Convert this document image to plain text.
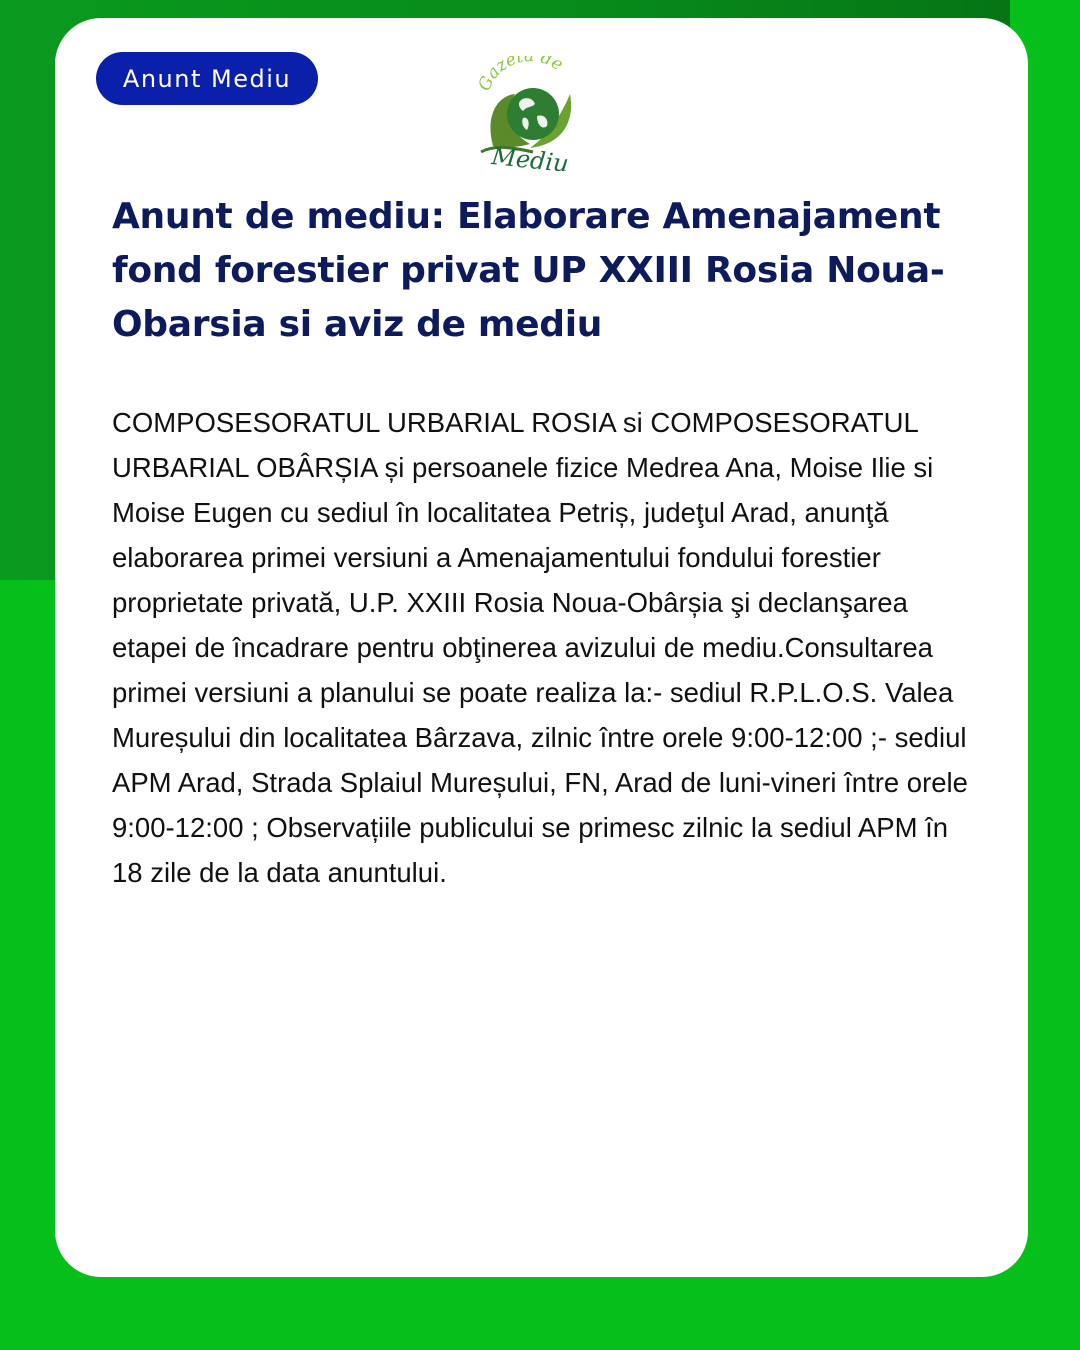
Anunt Mediu	Gazeta de
Mediu
Anunt de mediu: Elaborare Amenajament fond forestier privat UP XXIII Rosia Noua-Obarsia si aviz de mediu

COMPOSESORATUL URBARIAL ROSIA si COMPOSESORATUL URBARIAL OBÂRȘIA și persoanele fizice Medrea Ana, Moise Ilie si Moise Eugen cu sediul în localitatea Petriș, judeţul Arad, anunţă elaborarea primei versiuni a Amenajamentului fondului forestier proprietate privată, U.P. XXIII Rosia Noua-Obârșia şi declanşarea etapei de încadrare pentru obţinerea avizului de mediu.Consultarea primei versiuni a planului se poate realiza la:- sediul R.P.L.O.S. Valea Mureșului din localitatea Bârzava, zilnic între orele 9:00-12:00 ;- sediul APM Arad, Strada Splaiul Mureșului, FN, Arad de luni-vineri între orele 9:00-12:00 ; Observațiile publicului se primesc zilnic la sediul APM în 18 zile de la data anuntului.
